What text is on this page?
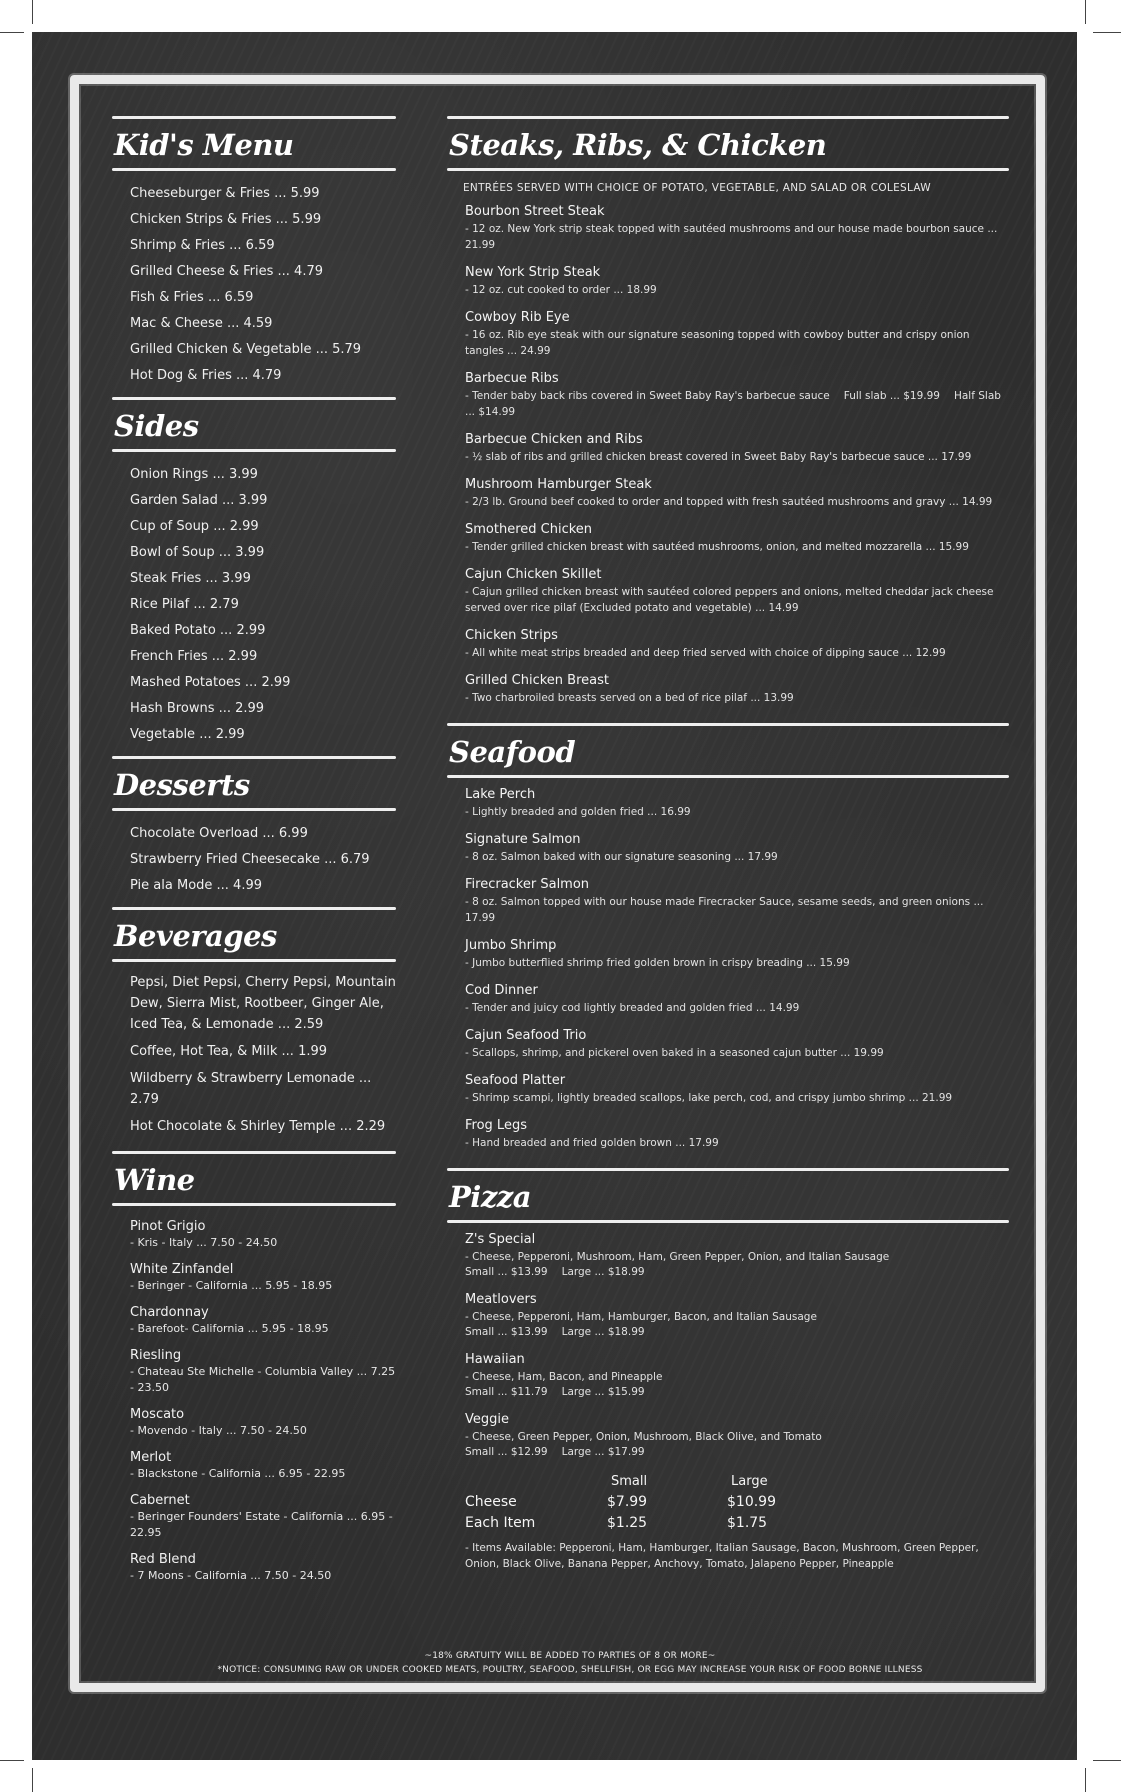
Kid's Menu
Cheeseburger & Fries ... 5.99
Chicken Strips & Fries ... 5.99
Shrimp & Fries ... 6.59
Grilled Cheese & Fries ... 4.79
Fish & Fries ... 6.59
Mac & Cheese ... 4.59
Grilled Chicken & Vegetable ... 5.79
Hot Dog & Fries ... 4.79
Sides
Onion Rings ... 3.99
Garden Salad ... 3.99
Cup of Soup ... 2.99
Bowl of Soup ... 3.99
Steak Fries ... 3.99
Rice Pilaf ... 2.79
Baked Potato ... 2.99
French Fries ... 2.99
Mashed Potatoes ... 2.99
Hash Browns ... 2.99
Vegetable ... 2.99
Desserts
Chocolate Overload ... 6.99
Strawberry Fried Cheesecake ... 6.79
Pie ala Mode ... 4.99
Beverages
Pepsi, Diet Pepsi, Cherry Pepsi, Mountain Dew, Sierra Mist, Rootbeer, Ginger Ale, Iced Tea, & Lemonade ... 2.59
Coffee, Hot Tea, & Milk ... 1.99
Wildberry & Strawberry Lemonade ... 2.79
Hot Chocolate & Shirley Temple ... 2.29
Wine
Pinot Grigio
- Kris - Italy ... 7.50 - 24.50
White Zinfandel
- Beringer - California ... 5.95 - 18.95
Chardonnay
- Barefoot- California ... 5.95 - 18.95
Riesling
- Chateau Ste Michelle - Columbia Valley ... 7.25 - 23.50
Moscato
- Movendo - Italy ... 7.50 - 24.50
Merlot
- Blackstone - California ... 6.95 - 22.95
Cabernet
- Beringer Founders' Estate - California ... 6.95 - 22.95
Red Blend
- 7 Moons - California ... 7.50 - 24.50
Steaks, Ribs, & Chicken
ENTRÉES SERVED WITH CHOICE OF POTATO, VEGETABLE, AND SALAD OR COLESLAW
Bourbon Street Steak
- 12 oz. New York strip steak topped with sautéed mushrooms and our house made bourbon sauce ... 21.99
New York Strip Steak
- 12 oz. cut cooked to order ... 18.99
Cowboy Rib Eye
- 16 oz. Rib eye steak with our signature seasoning topped with cowboy butter and crispy onion tangles ... 24.99
Barbecue Ribs
- Tender baby back ribs covered in Sweet Baby Ray's barbecue sauce Full slab ... $19.99 Half Slab ... $14.99
Barbecue Chicken and Ribs
- ½ slab of ribs and grilled chicken breast covered in Sweet Baby Ray's barbecue sauce ... 17.99
Mushroom Hamburger Steak
- 2/3 lb. Ground beef cooked to order and topped with fresh sautéed mushrooms and gravy ... 14.99
Smothered Chicken
- Tender grilled chicken breast with sautéed mushrooms, onion, and melted mozzarella ... 15.99
Cajun Chicken Skillet
- Cajun grilled chicken breast with sautéed colored peppers and onions, melted cheddar jack cheese served over rice pilaf (Excluded potato and vegetable) ... 14.99
Chicken Strips
- All white meat strips breaded and deep fried served with choice of dipping sauce ... 12.99
Grilled Chicken Breast
- Two charbroiled breasts served on a bed of rice pilaf ... 13.99
Seafood
Lake Perch
- Lightly breaded and golden fried ... 16.99
Signature Salmon
- 8 oz. Salmon baked with our signature seasoning ... 17.99
Firecracker Salmon
- 8 oz. Salmon topped with our house made Firecracker Sauce, sesame seeds, and green onions ... 17.99
Jumbo Shrimp
- Jumbo butterflied shrimp fried golden brown in crispy breading ... 15.99
Cod Dinner
- Tender and juicy cod lightly breaded and golden fried ... 14.99
Cajun Seafood Trio
- Scallops, shrimp, and pickerel oven baked in a seasoned cajun butter ... 19.99
Seafood Platter
- Shrimp scampi, lightly breaded scallops, lake perch, cod, and crispy jumbo shrimp ... 21.99
Frog Legs
- Hand breaded and fried golden brown ... 17.99
Pizza
Z's Special
- Cheese, Pepperoni, Mushroom, Ham, Green Pepper, Onion, and Italian Sausage
Small ... $13.99 Large ... $18.99
Meatlovers
- Cheese, Pepperoni, Ham, Hamburger, Bacon, and Italian Sausage
Small ... $13.99 Large ... $18.99
Hawaiian
- Cheese, Ham, Bacon, and Pineapple
Small ... $11.79 Large ... $15.99
Veggie
- Cheese, Green Pepper, Onion, Mushroom, Black Olive, and Tomato
Small ... $12.99 Large ... $17.99
	Small	Large
Cheese	$7.99	$10.99
Each Item	$1.25	$1.75
- Items Available: Pepperoni, Ham, Hamburger, Italian Sausage, Bacon, Mushroom, Green Pepper, Onion, Black Olive, Banana Pepper, Anchovy, Tomato, Jalapeno Pepper, Pineapple
~18% GRATUITY WILL BE ADDED TO PARTIES OF 8 OR MORE~
*NOTICE: CONSUMING RAW OR UNDER COOKED MEATS, POULTRY, SEAFOOD, SHELLFISH, OR EGG MAY INCREASE YOUR RISK OF FOOD BORNE ILLNESS
